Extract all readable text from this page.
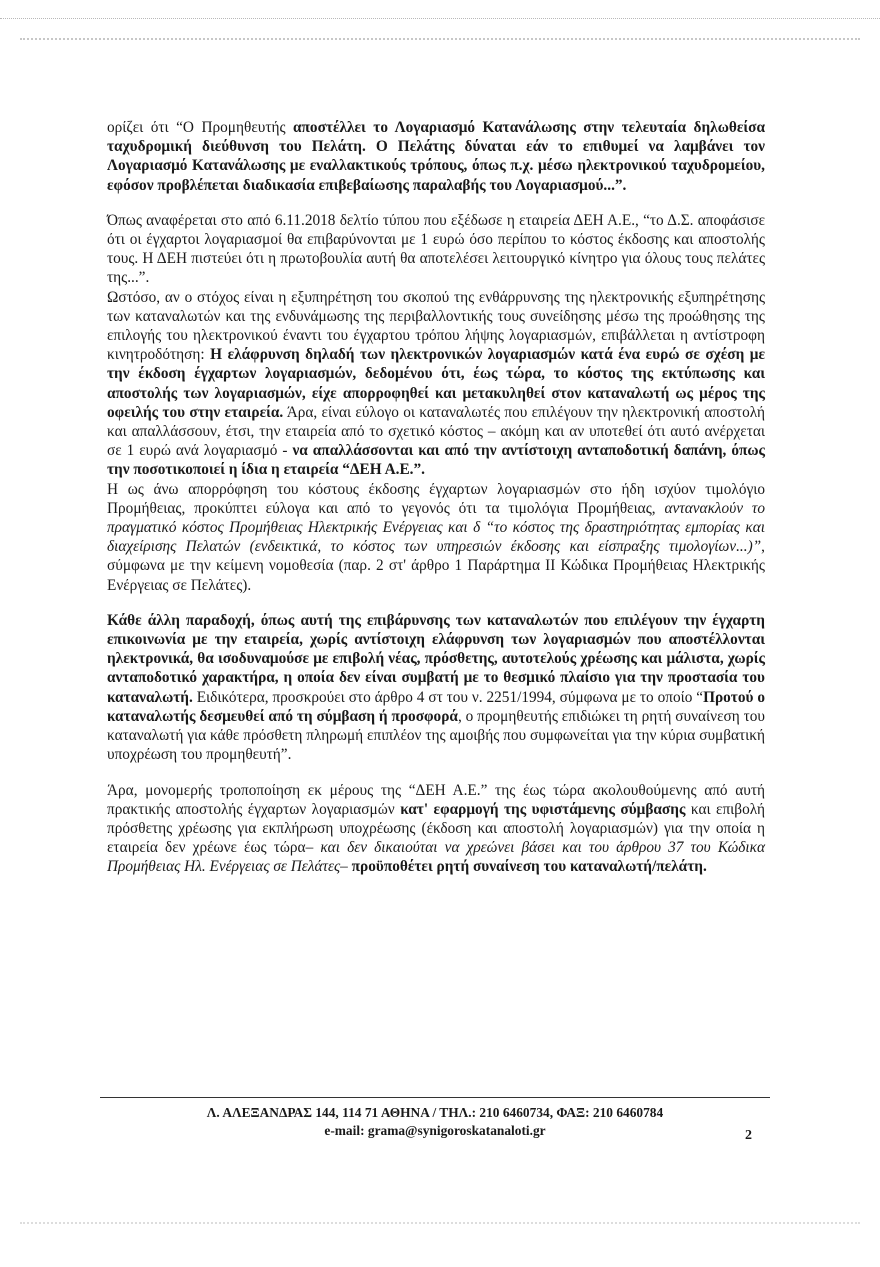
ορίζει ότι “Ο Προμηθευτής αποστέλλει το Λογαριασμό Κατανάλωσης στην τελευταία δηλωθείσα ταχυδρομική διεύθυνση του Πελάτη. Ο Πελάτης δύναται εάν το επιθυμεί να λαμβάνει τον Λογαριασμό Κατανάλωσης με εναλλακτικούς τρόπους, όπως π.χ. μέσω ηλεκτρονικού ταχυδρομείου, εφόσον προβλέπεται διαδικασία επιβεβαίωσης παραλαβής του Λογαριασμού...”.

Όπως αναφέρεται στο από 6.11.2018 δελτίο τύπου που εξέδωσε η εταιρεία ΔΕΗ Α.Ε., “το Δ.Σ. αποφάσισε ότι οι έγχαρτοι λογαριασμοί θα επιβαρύνονται με 1 ευρώ όσο περίπου το κόστος έκδοσης και αποστολής τους. Η ΔΕΗ πιστεύει ότι η πρωτοβουλία αυτή θα αποτελέσει λειτουργικό κίνητρο για όλους τους πελάτες της...”.

Ωστόσο, αν ο στόχος είναι η εξυπηρέτηση του σκοπού της ενθάρρυνσης της ηλεκτρονικής εξυπηρέτησης των καταναλωτών και της ενδυνάμωσης της περιβαλλοντικής τους συνείδησης μέσω της προώθησης της επιλογής του ηλεκτρονικού έναντι του έγχαρτου τρόπου λήψης λογαριασμών, επιβάλλεται η αντίστροφη κινητροδότηση: Η ελάφρυνση δηλαδή των ηλεκτρονικών λογαριασμών κατά ένα ευρώ σε σχέση με την έκδοση έγχαρτων λογαριασμών, δεδομένου ότι, έως τώρα, το κόστος της εκτύπωσης και αποστολής των λογαριασμών, είχε απορροφηθεί και μετακυληθεί στον καταναλωτή ως μέρος της οφειλής του στην εταιρεία. Άρα, είναι εύλογο οι καταναλωτές που επιλέγουν την ηλεκτρονική αποστολή και απαλλάσσουν, έτσι, την εταιρεία από το σχετικό κόστος – ακόμη και αν υποτεθεί ότι αυτό ανέρχεται σε 1 ευρώ ανά λογαριασμό - να απαλλάσσονται και από την αντίστοιχη ανταποδοτική δαπάνη, όπως την ποσοτικοποιεί η ίδια η εταιρεία “ΔΕΗ Α.Ε.”.

Η ως άνω απορρόφηση του κόστους έκδοσης έγχαρτων λογαριασμών στο ήδη ισχύον τιμολόγιο Προμήθειας, προκύπτει εύλογα και από το γεγονός ότι τα τιμολόγια Προμήθειας, αντανακλούν το πραγματικό κόστος Προμήθειας Ηλεκτρικής Ενέργειας και δ “το κόστος της δραστηριότητας εμπορίας και διαχείρισης Πελατών (ενδεικτικά, το κόστος των υπηρεσιών έκδοσης και είσπραξης τιμολογίων...)”, σύμφωνα με την κείμενη νομοθεσία (παρ. 2 στ' άρθρο 1 Παράρτημα ΙΙ Κώδικα Προμήθειας Ηλεκτρικής Ενέργειας σε Πελάτες).

Κάθε άλλη παραδοχή, όπως αυτή της επιβάρυνσης των καταναλωτών που επιλέγουν την έγχαρτη επικοινωνία με την εταιρεία, χωρίς αντίστοιχη ελάφρυνση των λογαριασμών που αποστέλλονται ηλεκτρονικά, θα ισοδυναμούσε με επιβολή νέας, πρόσθετης, αυτοτελούς χρέωσης και μάλιστα, χωρίς ανταποδοτικό χαρακτήρα, η οποία δεν είναι συμβατή με το θεσμικό πλαίσιο για την προστασία του καταναλωτή. Ειδικότερα, προσκρούει στο άρθρο 4 στ του ν. 2251/1994, σύμφωνα με το οποίο “Προτού ο καταναλωτής δεσμευθεί από τη σύμβαση ή προσφορά, ο προμηθευτής επιδιώκει τη ρητή συναίνεση του καταναλωτή για κάθε πρόσθετη πληρωμή επιπλέον της αμοιβής που συμφωνείται για την κύρια συμβατική υποχρέωση του προμηθευτή”.

Άρα, μονομερής τροποποίηση εκ μέρους της “ΔΕΗ Α.Ε.” της έως τώρα ακολουθούμενης από αυτή πρακτικής αποστολής έγχαρτων λογαριασμών κατ' εφαρμογή της υφιστάμενης σύμβασης και επιβολή πρόσθετης χρέωσης για εκπλήρωση υποχρέωσης (έκδοση και αποστολή λογαριασμών) για την οποία η εταιρεία δεν χρέωνε έως τώρα– και δεν δικαιούται να χρεώνει βάσει και του άρθρου 37 του Κώδικα Προμήθειας Ηλ. Ενέργειας σε Πελάτες– προϋποθέτει ρητή συναίνεση του καταναλωτή/πελάτη.

Λ. ΑΛΕΞΑΝΔΡΑΣ 144, 114 71 ΑΘΗΝΑ / ΤΗΛ.: 210 6460734, ΦΑΞ: 210 6460784
e-mail: grama@synigoroskatanaloti.gr	2
